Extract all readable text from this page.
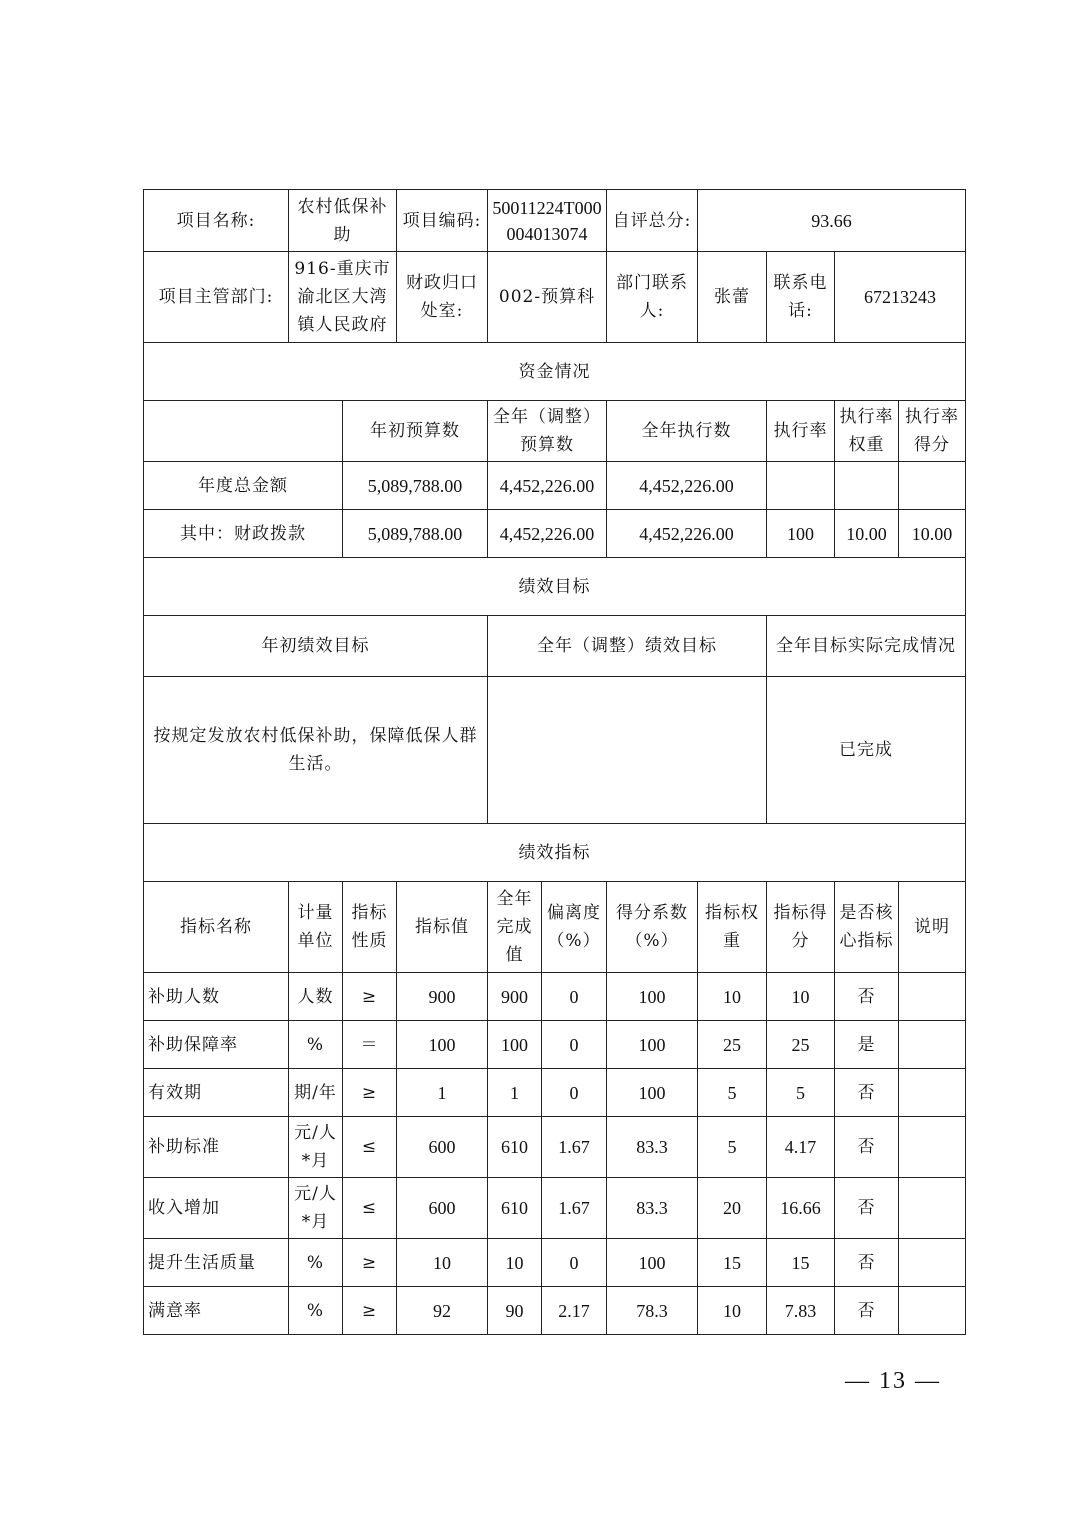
项目名称:	农村低保补助		项目编码:	50011224T000004013074		自评总分:	93.66			
项目主管部门:	916-重庆市渝北区大湾镇人民政府		财政归口处室:	002-预算科		部门联系人:	张蕾	联系电话:	67213243	
资金情况										
		年初预算数		全年（调整）预算数		全年执行数		执行率	执行率权重	执行率得分
年度总金额		5,089,788.00		4,452,226.00		4,452,226.00				
其中：财政拨款		5,089,788.00		4,452,226.00		4,452,226.00		100	10.00	10.00
绩效目标										
年初绩效目标				全年（调整）绩效目标				全年目标实际完成情况		
按规定发放农村低保补助，保障低保人群生活。								已完成		
绩效指标										
指标名称	计量单位	指标性质	指标值	全年完成值	偏离度（%）	得分系数（%）	指标权重	指标得分	是否核心指标	说明
补助人数	人数	≥	900	900	0	100	10	10	否	
补助保障率	%	＝	100	100	0	100	25	25	是	
有效期	期/年	≥	1	1	0	100	5	5	否	
补助标准	元/人*月	≤	600	610	1.67	83.3	5	4.17	否	
收入增加	元/人*月	≤	600	610	1.67	83.3	20	16.66	否	
提升生活质量	%	≥	10	10	0	100	15	15	否	
满意率	%	≥	92	90	2.17	78.3	10	7.83	否	
— 13 —
